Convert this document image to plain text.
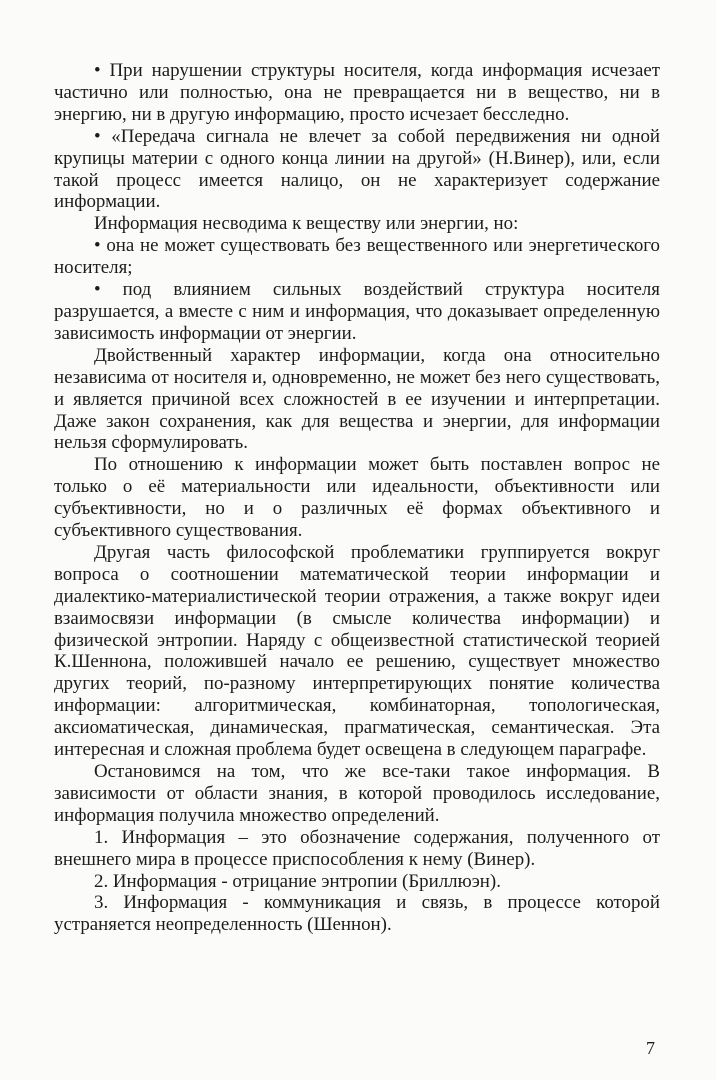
• При нарушении структуры носителя, когда информация исчезает частично или полностью, она не превращается ни в вещество, ни в энергию, ни в другую информацию, просто исчезает бесследно.

• «Передача сигнала не влечет за собой передвижения ни одной крупицы материи с одного конца линии на другой» (Н.Винер), или, если такой процесс имеется налицо, он не характеризует содержание информации.

Информация несводима к веществу или энергии, но:

• она не может существовать без вещественного или энергетического носителя;

• под влиянием сильных воздействий структура носителя разрушается, а вместе с ним и информация, что доказывает определенную зависимость информации от энергии.

Двойственный характер информации, когда она относительно независима от носителя и, одновременно, не может без него существовать, и является причиной всех сложностей в ее изучении и интерпретации. Даже закон сохранения, как для вещества и энергии, для информации нельзя сформулировать.

По отношению к информации может быть поставлен вопрос не только о её материальности или идеальности, объективности или субъективности, но и о различных её формах объективного и субъективного существования.

Другая часть философской проблематики группируется вокруг вопроса о соотношении математической теории информации и диалектико-материалистической теории отражения, а также вокруг идеи взаимосвязи информации (в смысле количества информации) и физической энтропии. Наряду с общеизвестной статистической теорией К.Шеннона, положившей начало ее решению, существует множество других теорий, по-разному интерпретирующих понятие количества информации: алгоритмическая, комбинаторная, топологическая, аксиоматическая, динамическая, прагматическая, семантическая. Эта интересная и сложная проблема будет освещена в следующем параграфе.

Остановимся на том, что же все-таки такое информация. В зависимости от области знания, в которой проводилось исследование, информация получила множество определений.

1. Информация – это обозначение содержания, полученного от внешнего мира в процессе приспособления к нему (Винер).

2. Информация - отрицание энтропии (Бриллюэн).

3. Информация - коммуникация и связь, в процессе которой устраняется неопределенность (Шеннон).

7
